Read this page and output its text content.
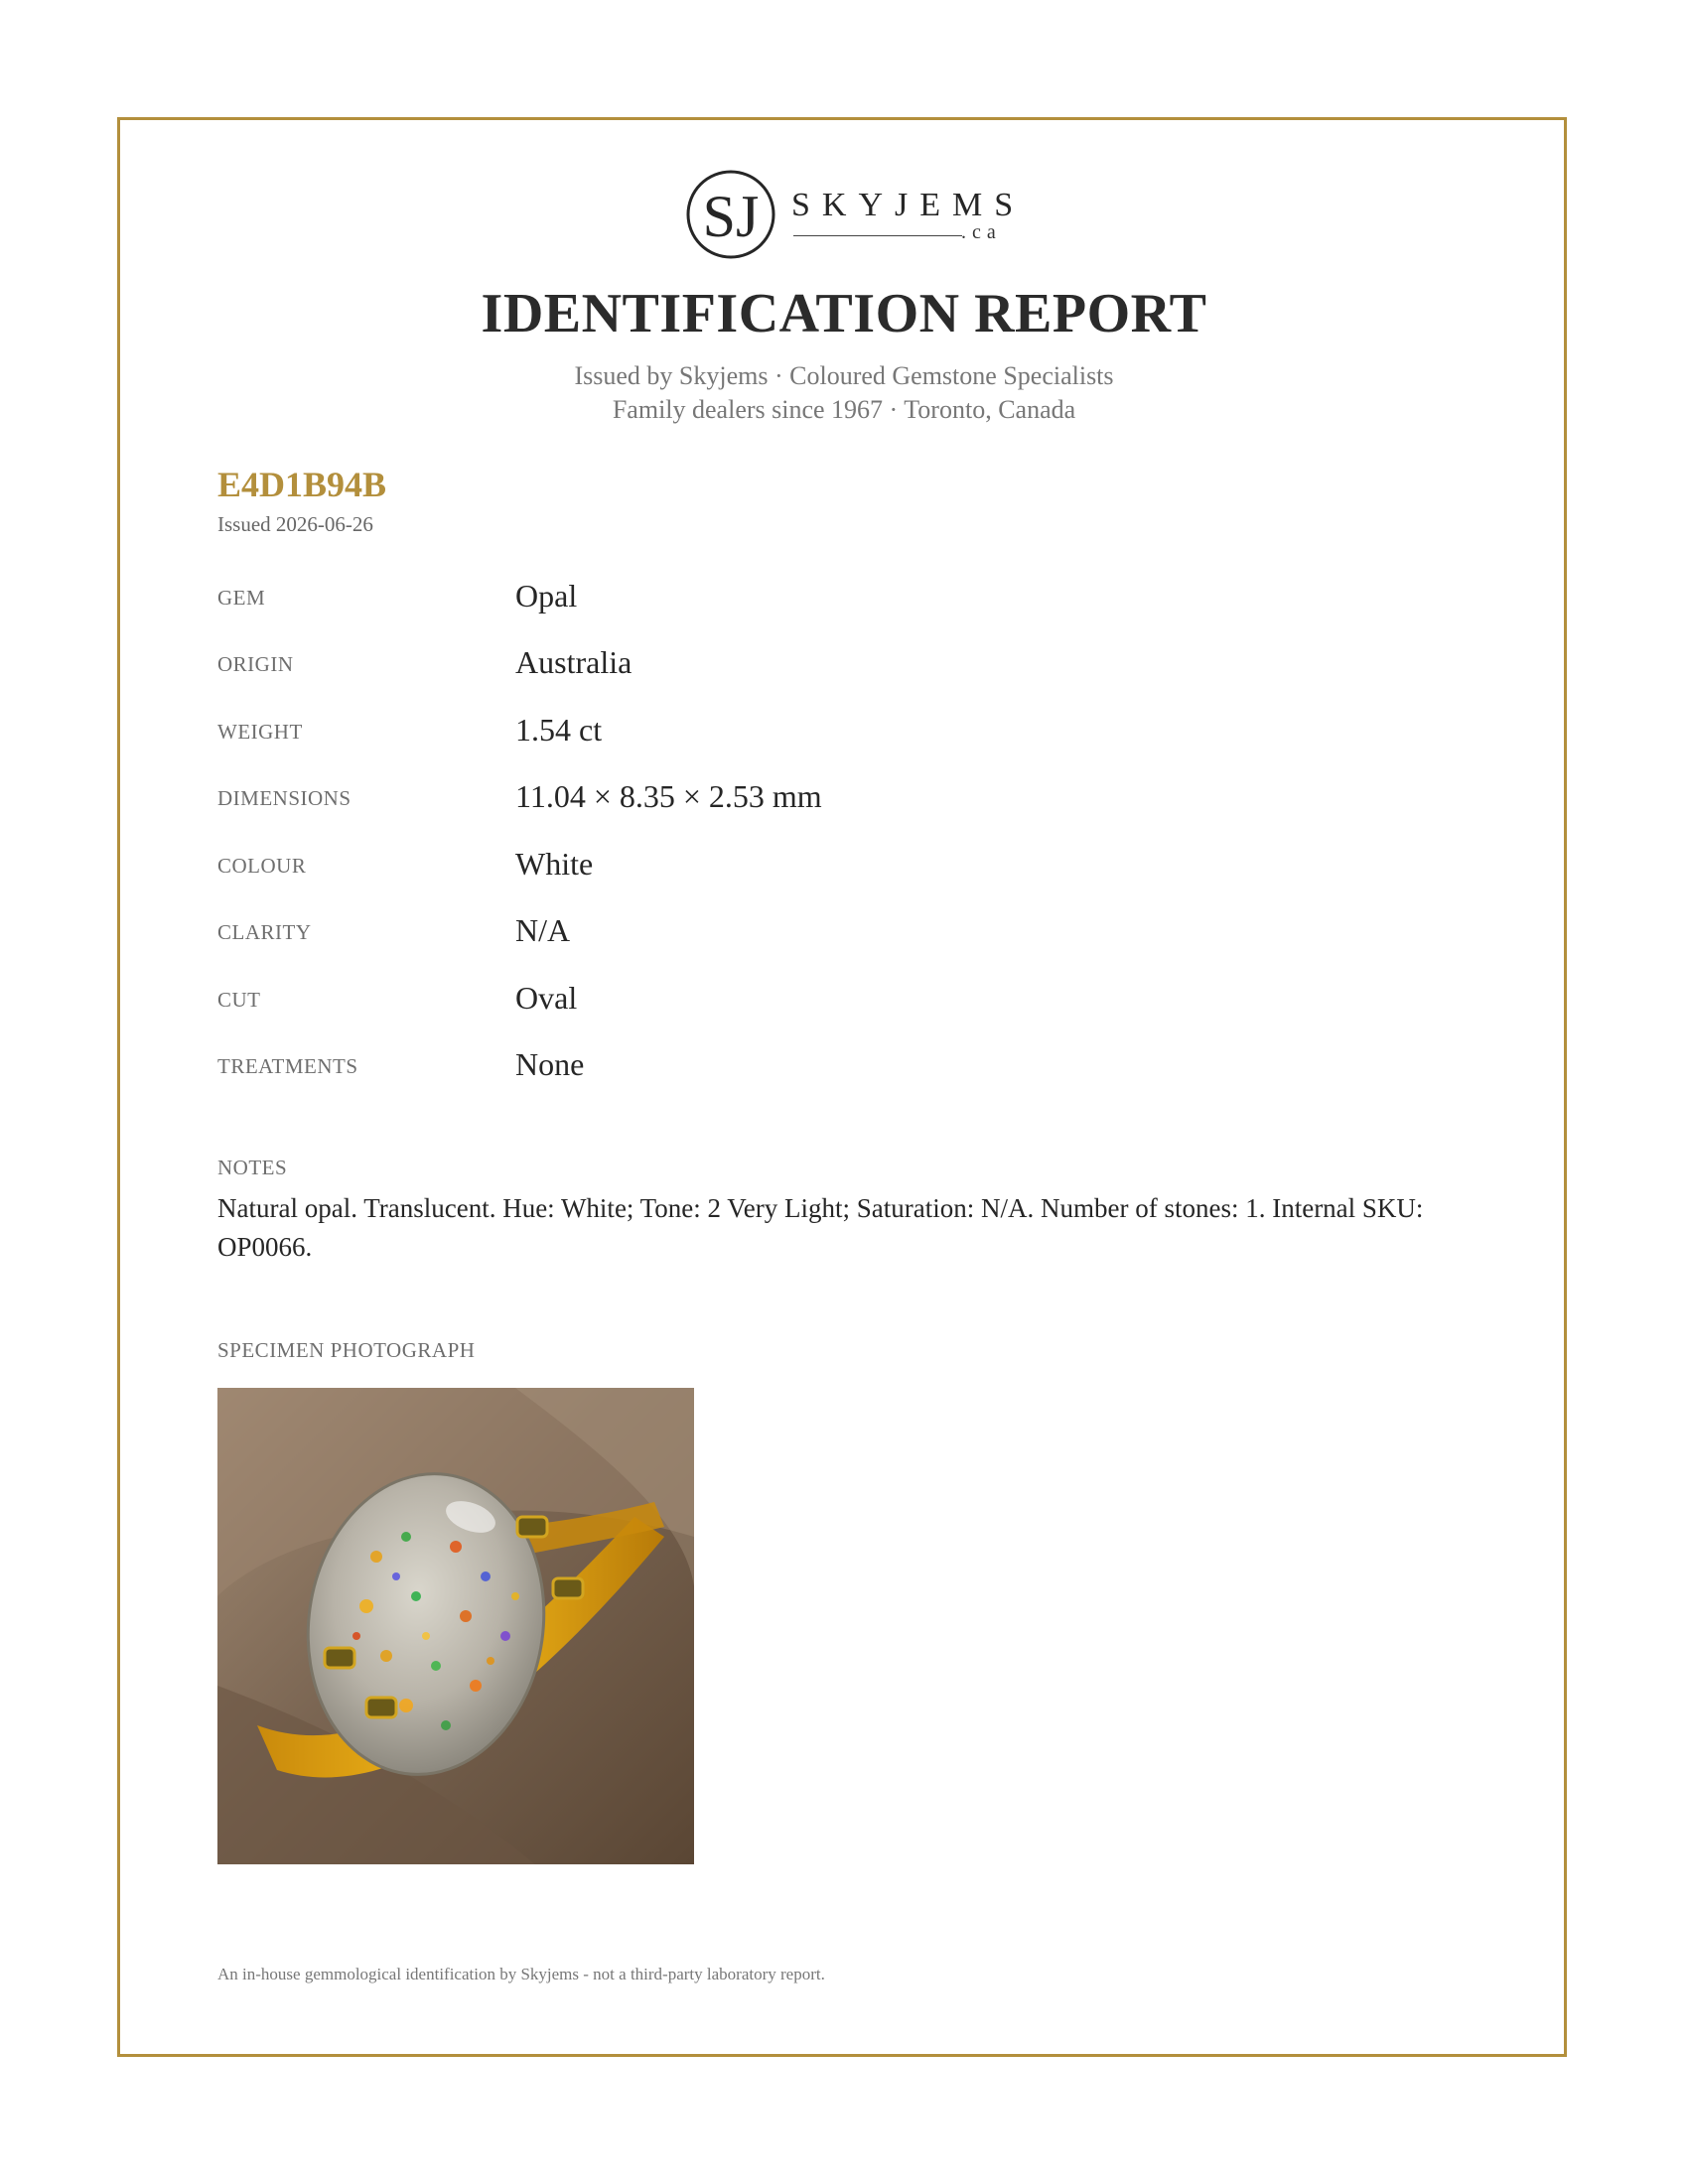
SJ SKYJEMS
.ca
IDENTIFICATION REPORT
Issued by Skyjems · Coloured Gemstone Specialists
Family dealers since 1967 · Toronto, Canada
E4D1B94B
Issued 2026-06-26
GEM	Opal
ORIGIN	Australia
WEIGHT	1.54 ct
DIMENSIONS	11.04 × 8.35 × 2.53 mm
COLOUR	White
CLARITY	N/A
CUT	Oval
TREATMENTS	None
NOTES
Natural opal. Translucent. Hue: White; Tone: 2 Very Light; Saturation: N/A. Number of stones: 1. Internal SKU: OP0066.
SPECIMEN PHOTOGRAPH
An in-house gemmological identification by Skyjems - not a third-party laboratory report.
